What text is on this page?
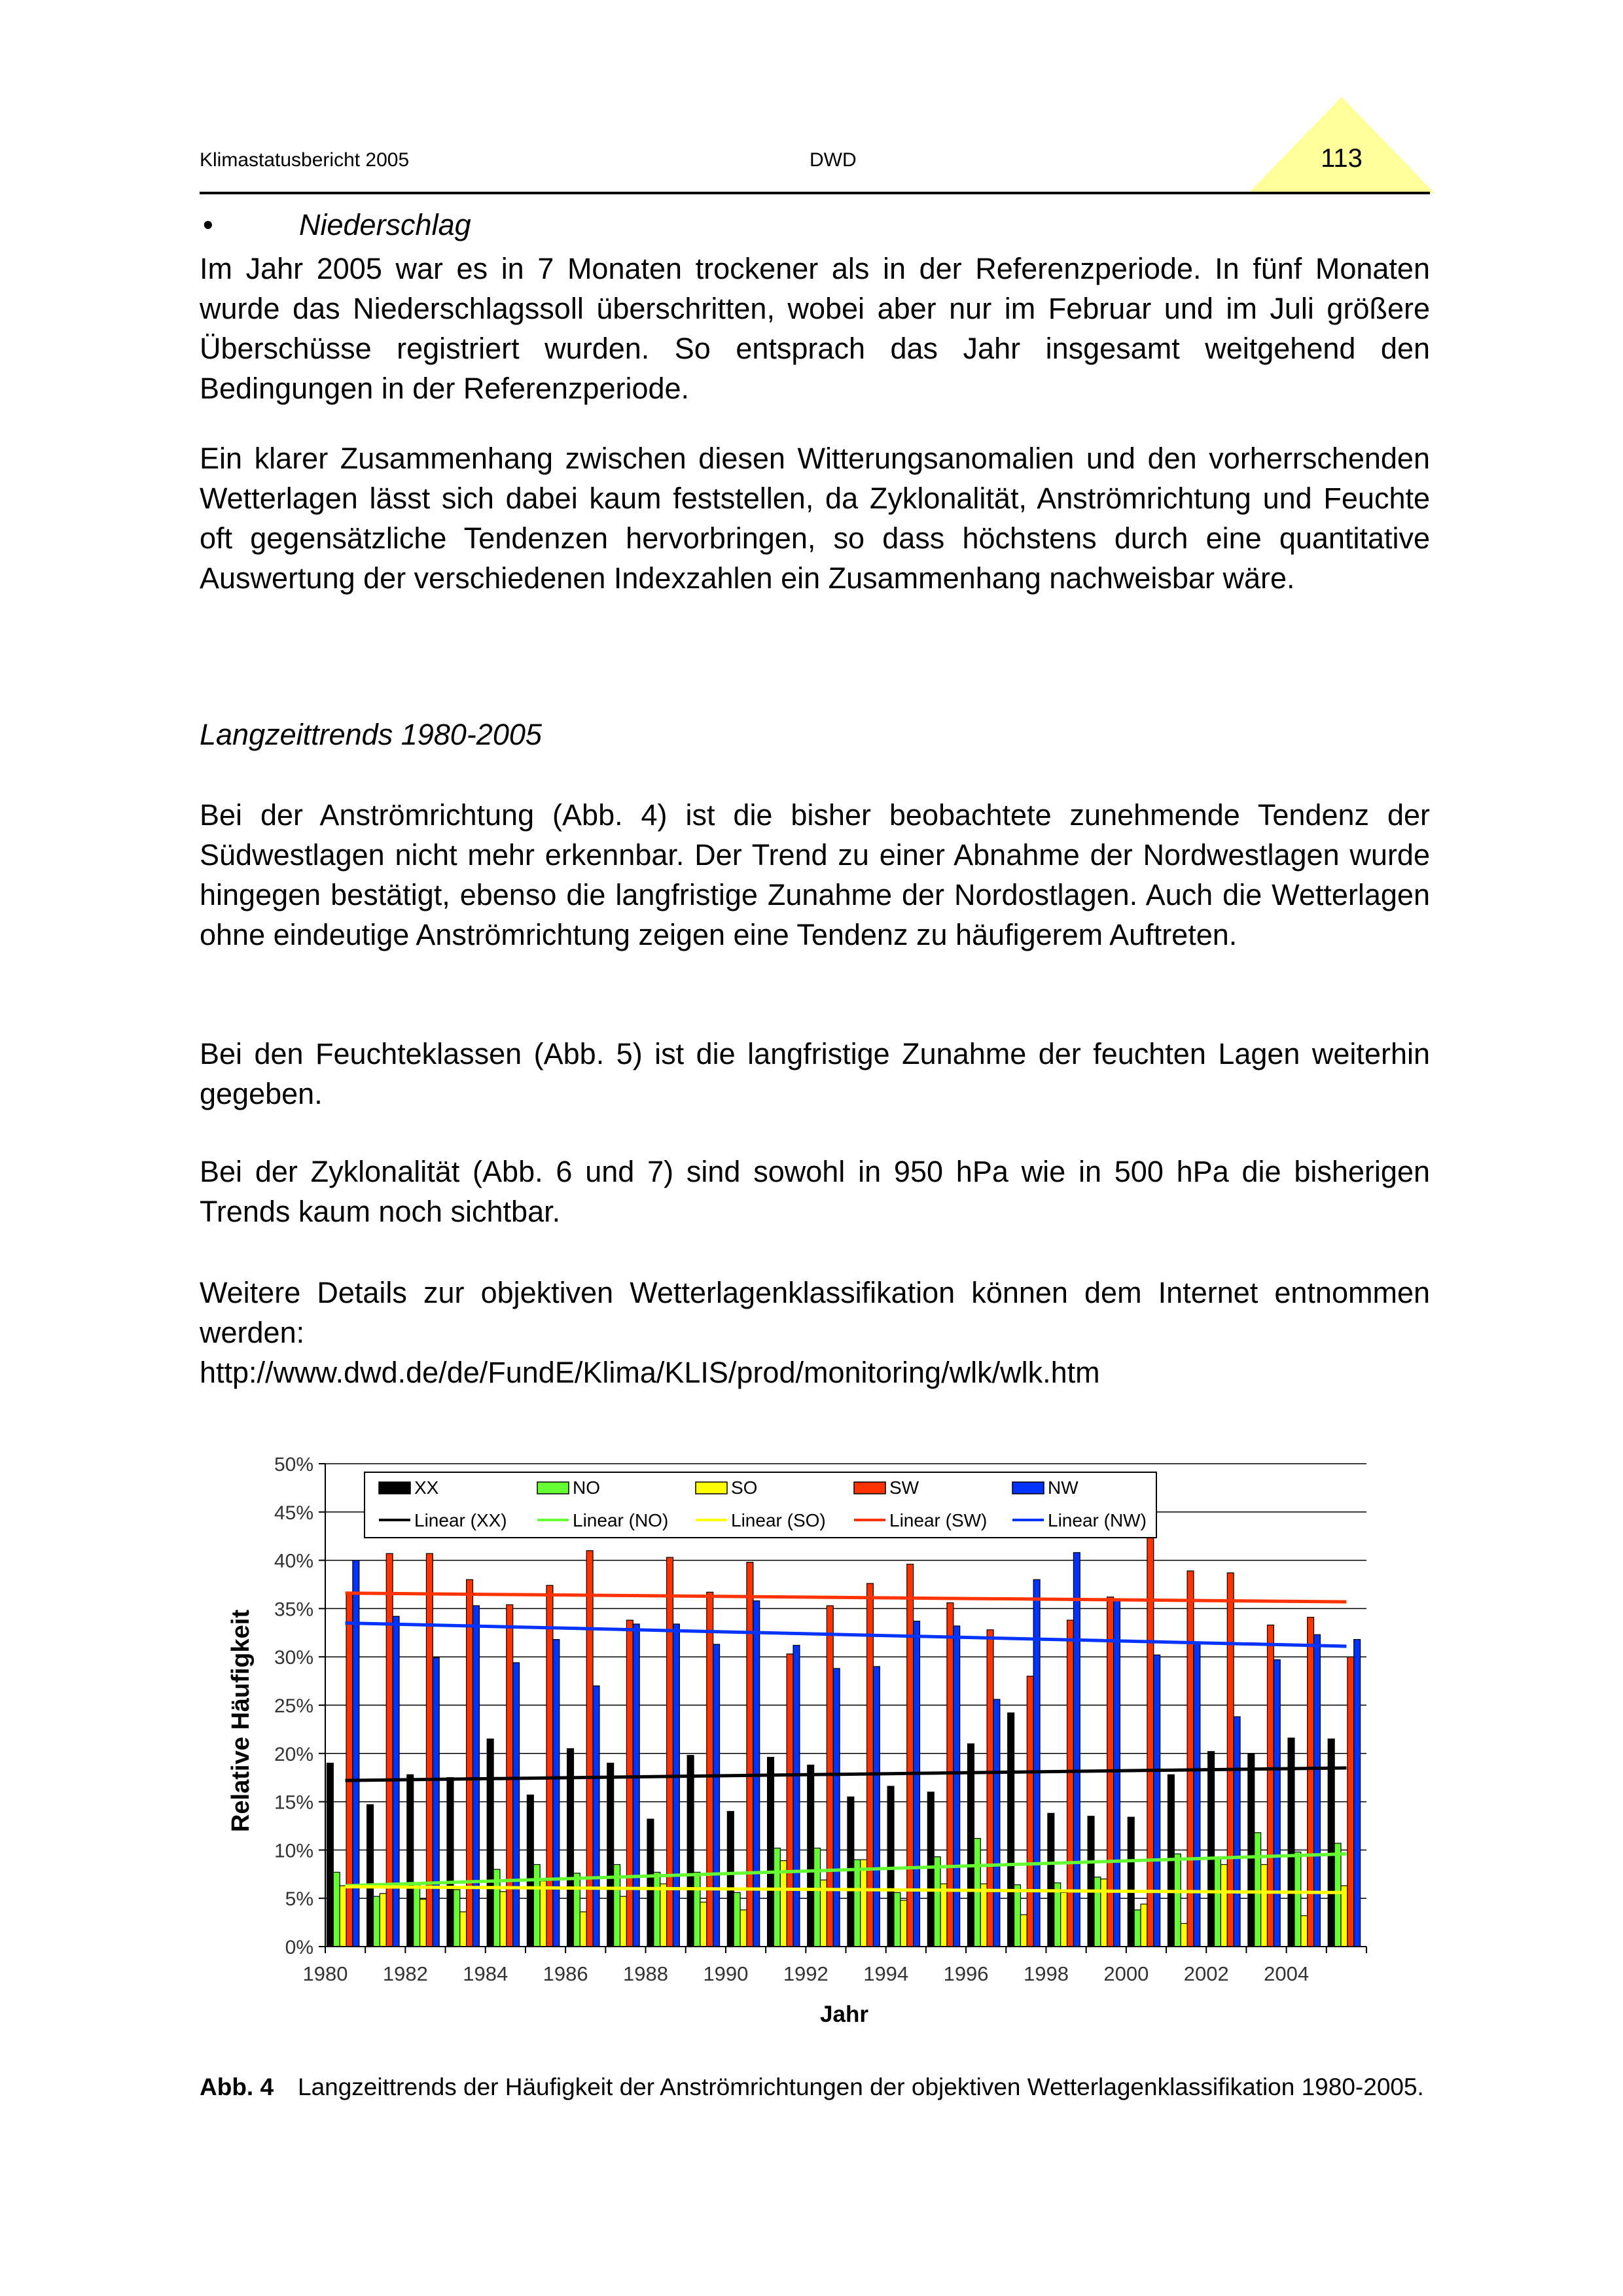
Klimastatusbericht 2005	DWD	113
•	Niederschlag

Im Jahr 2005 war es in 7 Monaten trockener als in der Referenzperiode. In fünf Monaten wurde das Niederschlagssoll überschritten, wobei aber nur im Februar und im Juli größere Überschüsse registriert wurden. So entsprach das Jahr insgesamt weitgehend den Bedingungen in der Referenzperiode.

Ein klarer Zusammenhang zwischen diesen Witterungsanomalien und den vorherrschenden Wetterlagen lässt sich dabei kaum feststellen, da Zyklonalität, Anströmrichtung und Feuchte oft gegensätzliche Tendenzen hervorbringen, so dass höchstens durch eine quantitative Auswertung der verschiedenen Indexzahlen ein Zusammenhang nachweisbar wäre.

Langzeittrends 1980-2005

Bei der Anströmrichtung (Abb. 4) ist die bisher beobachtete zunehmende Tendenz der Südwestlagen nicht mehr erkennbar. Der Trend zu einer Abnahme der Nordwestlagen wurde hingegen bestätigt, ebenso die langfristige Zunahme der Nordostlagen. Auch die Wetterlagen ohne eindeutige Anströmrichtung zeigen eine Tendenz zu häufigerem Auftreten.

Bei den Feuchteklassen (Abb. 5) ist die langfristige Zunahme der feuchten Lagen weiterhin gegeben.

Bei der Zyklonalität (Abb. 6 und 7) sind sowohl in 950 hPa wie in 500 hPa die bisherigen Trends kaum noch sichtbar.

Weitere Details zur objektiven Wetterlagenklassifikation können dem Internet entnommen werden:

http://www.dwd.de/de/FundE/Klima/KLIS/prod/monitoring/wlk/wlk.htm
0%
5%
10%
15%
20%
25%
30%
35%
40%
45%
50%
1980 1982 1984 1986 1988 1990 1992 1994 1996 1998 2000 2002 2004
XX	NO	SO	SW	NW
Linear (XX)	Linear (NO)	Linear (SO)	Linear (SW)	Linear (NW)
Relative Häufigkeit
Jahr
Abb. 4 Langzeittrends der Häufigkeit der Anströmrichtungen der objektiven Wetterlagenklassifikation 1980-2005.
